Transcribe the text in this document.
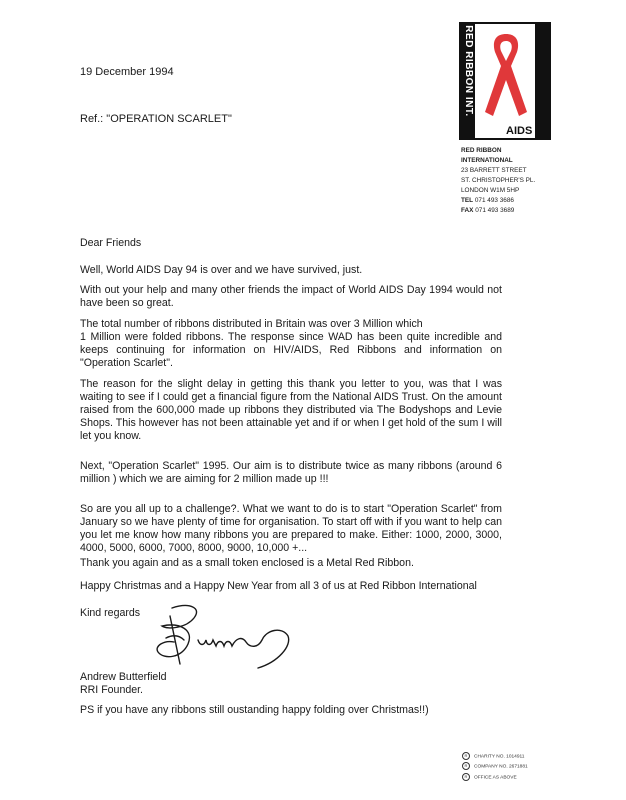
19 December 1994
Ref.: "OPERATION SCARLET"
RED RIBBON INT.	AWARENESS
AIDS
RED RIBBON
INTERNATIONAL
23 BARRETT STREET
ST. CHRISTOPHER'S PL.
LONDON W1M 5HP
TEL 071 493 3686
FAX 071 493 3689
Dear Friends
Well, World AIDS Day 94 is over and we have survived, just.
With out your help and many other friends the impact of World AIDS Day 1994 would not have been so great.
The total number of ribbons distributed in Britain was over 3 Million which
1 Million were folded ribbons. The response since WAD has been quite incredible and keeps continuing for information on HIV/AIDS, Red Ribbons and information on "Operation Scarlet".
The reason for the slight delay in getting this thank you letter to you, was that I was waiting to see if I could get a financial figure from the National AIDS Trust. On the amount raised from the 600,000 made up ribbons they distributed via The Bodyshops and Levie Shops. This however has not been attainable yet and if or when I get hold of the sum I will let you know.
Next, "Operation Scarlet" 1995. Our aim is to distribute twice as many ribbons (around 6 million ) which we are aiming for 2 million made up !!!
So are you all up to a challenge?. What we want to do is to start "Operation Scarlet" from January so we have plenty of time for organisation. To start off with if you want to help can you let me know how many ribbons you are prepared to make. Either: 1000, 2000, 3000, 4000, 5000, 6000, 7000, 8000, 9000, 10,000 +...
Thank you again and as a small token enclosed is a Metal Red Ribbon.
Happy Christmas and a Happy New Year from all 3 of us at Red Ribbon International
Kind regards
Andrew Butterfield
RRI Founder.
PS if you have any ribbons still oustanding happy folding over Christmas!!)
R CHARITY NO. 1014911
R COMPANY NO. 2671881
R OFFICE AS ABOVE
